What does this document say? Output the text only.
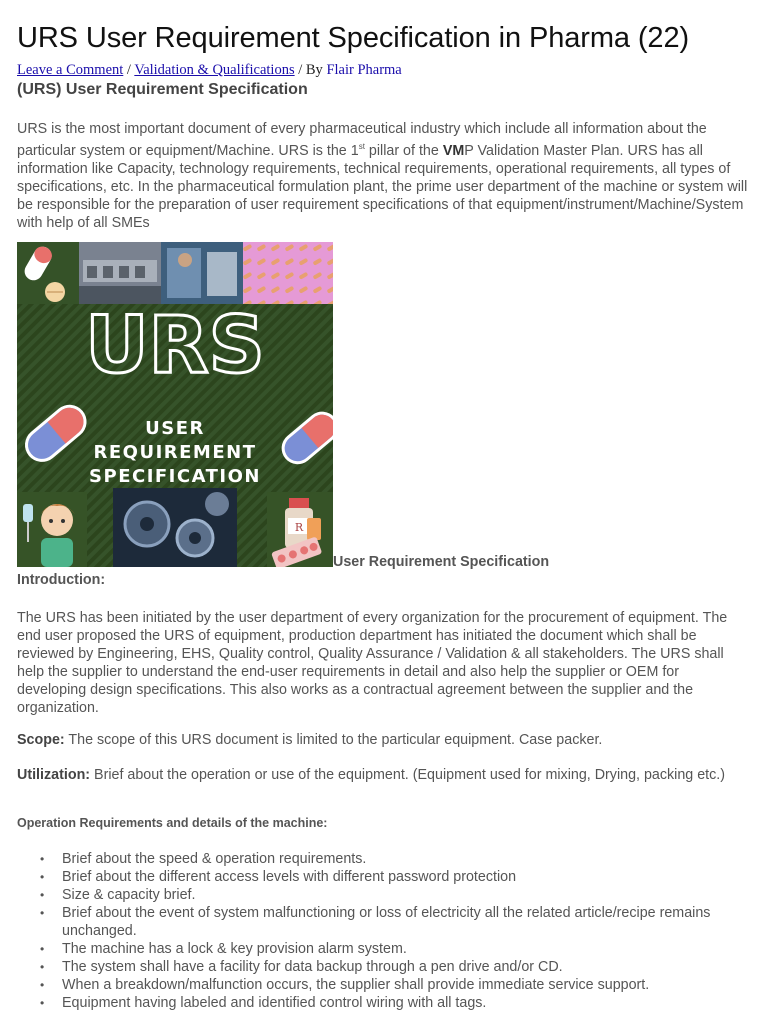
URS User Requirement Specification in Pharma (22)
Leave a Comment / Validation & Qualifications / By Flair Pharma
(URS) User Requirement Specification

URS is the most important document of every pharmaceutical industry which include all information about the particular system or equipment/Machine. URS is the 1st pillar of the VMP Validation Master Plan. URS has all information like Capacity, technology requirements, technical requirements, operational requirements, all types of specifications, etc. In the pharmaceutical formulation plant, the prime user department of the machine or system will be responsible for the preparation of user requirement specifications of that equipment/instrument/Machine/System with help of all SMEs

URS
USER
REQUIREMENT
SPECIFICATION
R
User Requirement Specification
Introduction:

The URS has been initiated by the user department of every organization for the procurement of equipment. The end user proposed the URS of equipment, production department has initiated the document which shall be reviewed by Engineering, EHS, Quality control, Quality Assurance / Validation & all stakeholders. The URS shall help the supplier to understand the end-user requirements in detail and also help the supplier or OEM for developing design specifications. This also works as a contractual agreement between the supplier and the organization.

Scope: The scope of this URS document is limited to the particular equipment. Case packer.

Utilization: Brief about the operation or use of the equipment. (Equipment used for mixing, Drying, packing etc.)

Operation Requirements and details of the machine:
• Brief about the speed & operation requirements.
• Brief about the different access levels with different password protection
• Size & capacity brief.
• Brief about the event of system malfunctioning or loss of electricity all the related article/recipe remains unchanged.
• The machine has a lock & key provision alarm system.
• The system shall have a facility for data backup through a pen drive and/or CD.
• When a breakdown/malfunction occurs, the supplier shall provide immediate service support.
• Equipment having labeled and identified control wiring with all tags.
